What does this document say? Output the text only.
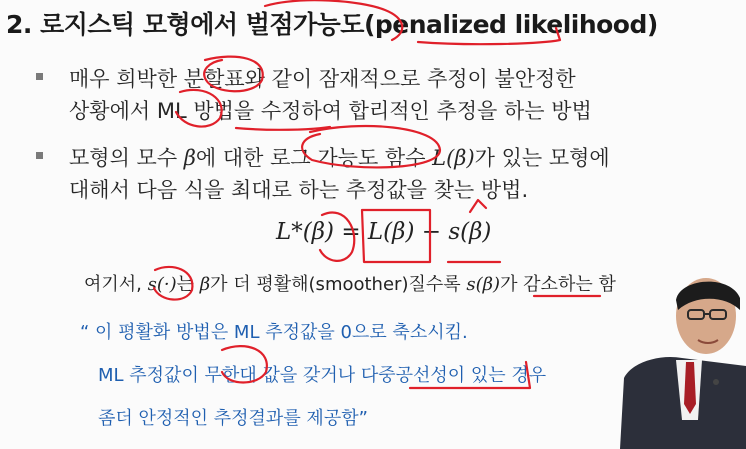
2. 로지스틱 모형에서 벌점가능도(penalized likelihood)
매우 희박한 분할표와 같이 잠재적으로 추정이 불안정한
상황에서 ML 방법을 수정하여 합리적인 추정을 하는 방법
모형의 모수 β에 대한 로그 가능도 함수 L(β)가 있는 모형에
대해서 다음 식을 최대로 하는 추정값을 찾는 방법.
L*(β) = L(β) − s(β)
여기서, s(·)는 β가 더 평활해(smoother)질수록 s(β)가 감소하는 함
“ 이 평활화 방법은 ML 추정값을 0으로 축소시킴.
ML 추정값이 무한대 값을 갖거나 다중공선성이 있는 경우
좀더 안정적인 추정결과를 제공함”
